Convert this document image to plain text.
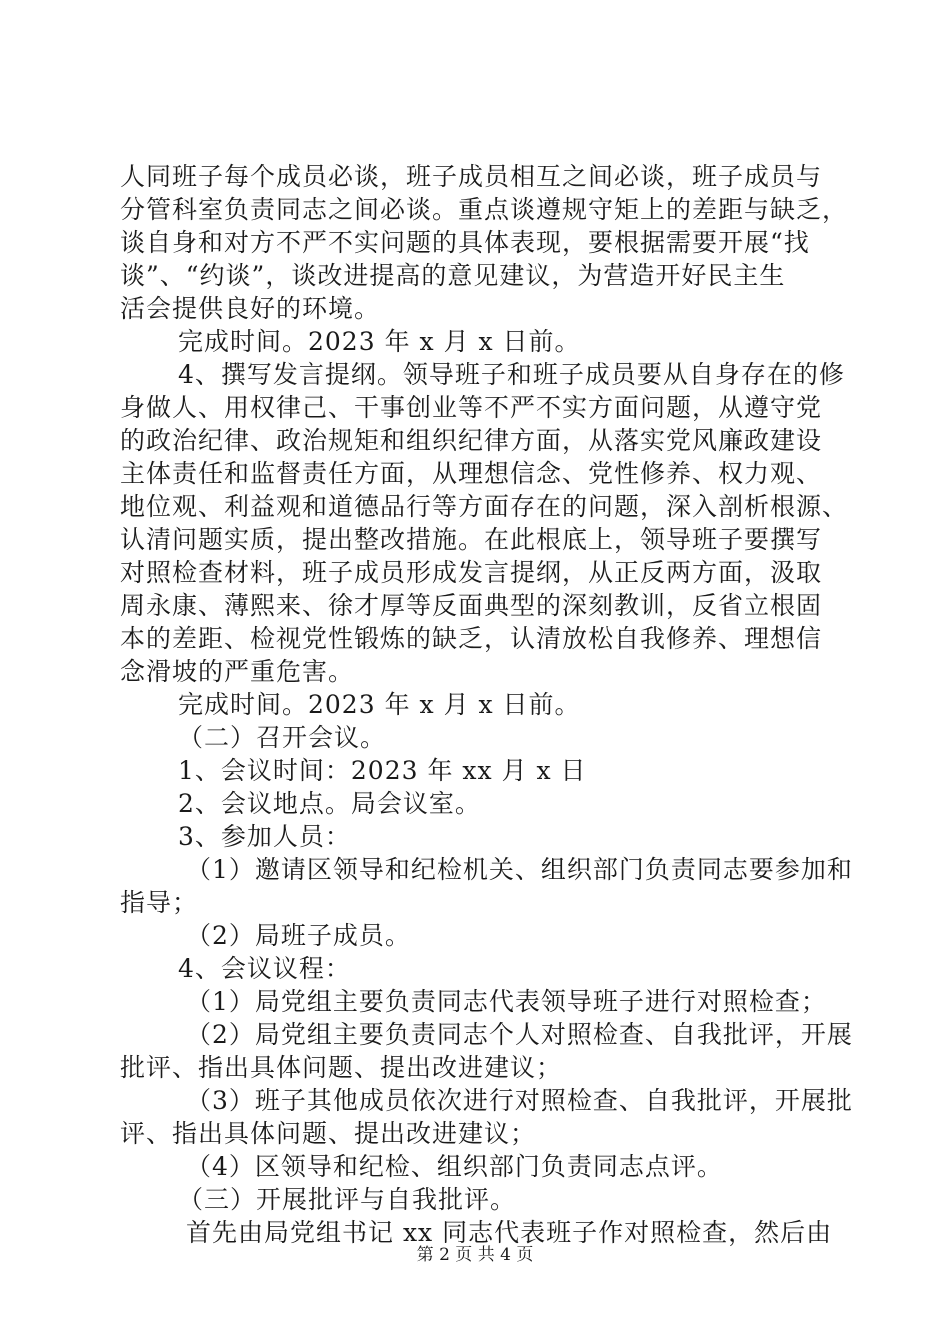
人同班子每个成员必谈，班子成员相互之间必谈，班子成员与
分管科室负责同志之间必谈。重点谈遵规守矩上的差距与缺乏，
谈自身和对方不严不实问题的具体表现，要根据需要开展“找
谈”、“约谈”，谈改进提高的意见建议，为营造开好民主生
活会提供良好的环境。
完成时间。2023 年 x 月 x 日前。
4、撰写发言提纲。领导班子和班子成员要从自身存在的修
身做人、用权律己、干事创业等不严不实方面问题，从遵守党
的政治纪律、政治规矩和组织纪律方面，从落实党风廉政建设
主体责任和监督责任方面，从理想信念、党性修养、权力观、
地位观、利益观和道德品行等方面存在的问题，深入剖析根源、
认清问题实质，提出整改措施。在此根底上，领导班子要撰写
对照检查材料，班子成员形成发言提纲，从正反两方面，汲取
周永康、薄熙来、徐才厚等反面典型的深刻教训，反省立根固
本的差距、检视党性锻炼的缺乏，认清放松自我修养、理想信
念滑坡的严重危害。
完成时间。2023 年 x 月 x 日前。
（二）召开会议。
1、会议时间：2023 年 xx 月 x 日
2、会议地点。局会议室。
3、参加人员：
（1）邀请区领导和纪检机关、组织部门负责同志要参加和
指导；
（2）局班子成员。
4、会议议程：
（1）局党组主要负责同志代表领导班子进行对照检查；
（2）局党组主要负责同志个人对照检查、自我批评，开展
批评、指出具体问题、提出改进建议；
（3）班子其他成员依次进行对照检查、自我批评，开展批
评、指出具体问题、提出改进建议；
（4）区领导和纪检、组织部门负责同志点评。
（三）开展批评与自我批评。
首先由局党组书记 xx 同志代表班子作对照检查，然后由
第 2 页 共 4 页
